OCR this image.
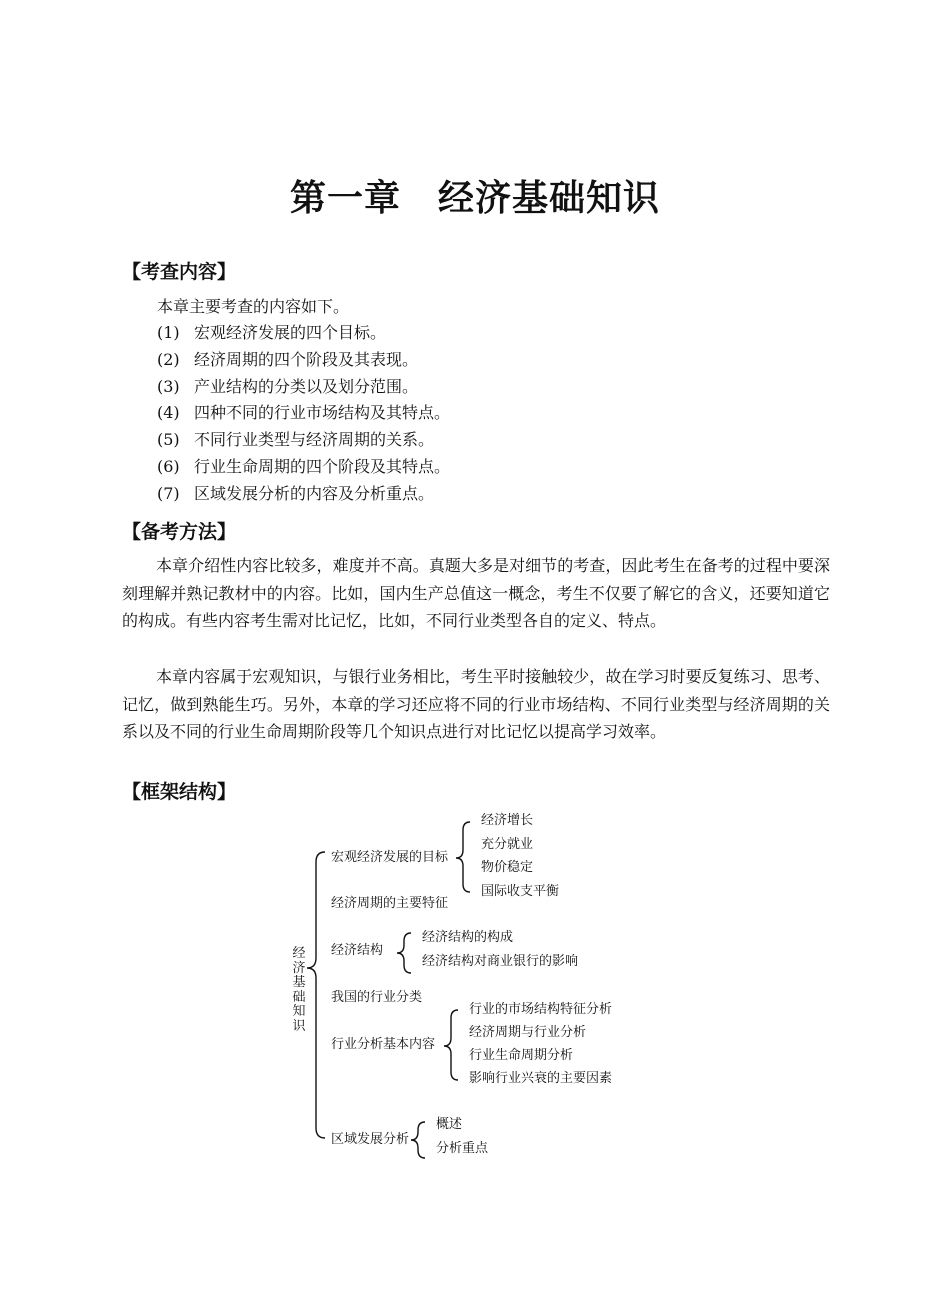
第一章　经济基础知识
【考查内容】
本章主要考查的内容如下。
(1) 宏观经济发展的四个目标。
(2) 经济周期的四个阶段及其表现。
(3) 产业结构的分类以及划分范围。
(4) 四种不同的行业市场结构及其特点。
(5) 不同行业类型与经济周期的关系。
(6) 行业生命周期的四个阶段及其特点。
(7) 区域发展分析的内容及分析重点。
【备考方法】
本章介绍性内容比较多，难度并不高。真题大多是对细节的考查，因此考生在备考的过程中要深刻理解并熟记教材中的内容。比如，国内生产总值这一概念，考生不仅要了解它的含义，还要知道它的构成。有些内容考生需对比记忆，比如，不同行业类型各自的定义、特点。
本章内容属于宏观知识，与银行业务相比，考生平时接触较少，故在学习时要反复练习、思考、记忆，做到熟能生巧。另外，本章的学习还应将不同的行业市场结构、不同行业类型与经济周期的关系以及不同的行业生命周期阶段等几个知识点进行对比记忆以提高学习效率。
【框架结构】
经济基础知识
宏观经济发展的目标
经济增长
充分就业
物价稳定
国际收支平衡
经济周期的主要特征
经济结构
经济结构的构成
经济结构对商业银行的影响
我国的行业分类
行业分析基本内容
行业的市场结构特征分析
经济周期与行业分析
行业生命周期分析
影响行业兴衰的主要因素
区域发展分析
概述
分析重点
